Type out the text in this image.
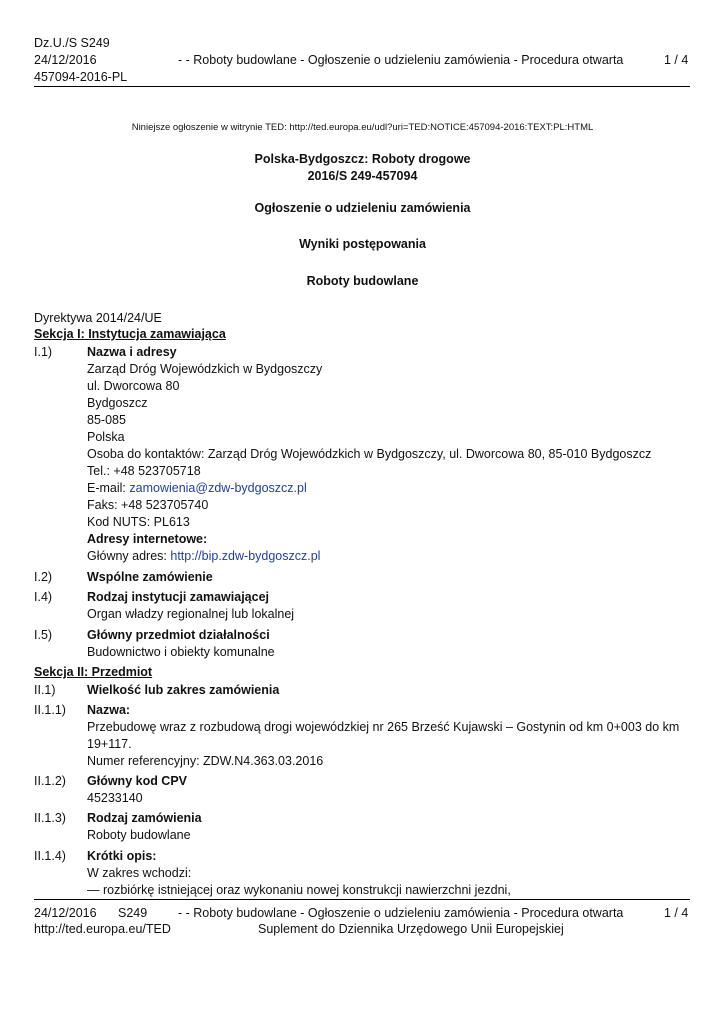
Dz.U./S S249
24/12/2016
457094-2016-PL
- - Roboty budowlane - Ogłoszenie o udzieleniu zamówienia - Procedura otwarta	1 / 4
Niniejsze ogłoszenie w witrynie TED: http://ted.europa.eu/udl?uri=TED:NOTICE:457094-2016:TEXT:PL:HTML
Polska-Bydgoszcz: Roboty drogowe
2016/S 249-457094
Ogłoszenie o udzieleniu zamówienia
Wyniki postępowania
Roboty budowlane
Dyrektywa 2014/24/UE
Sekcja I: Instytucja zamawiająca
I.1)	Nazwa i adresy
Zarząd Dróg Wojewódzkich w Bydgoszczy
ul. Dworcowa 80
Bydgoszcz
85-085
Polska
Osoba do kontaktów: Zarząd Dróg Wojewódzkich w Bydgoszczy, ul. Dworcowa 80, 85-010 Bydgoszcz
Tel.: +48 523705718
E-mail: zamowienia@zdw-bydgoszcz.pl
Faks: +48 523705740
Kod NUTS: PL613
Adresy internetowe:
Główny adres: http://bip.zdw-bydgoszcz.pl
I.2)	Wspólne zamówienie
I.4)	Rodzaj instytucji zamawiającej
Organ władzy regionalnej lub lokalnej
I.5)	Główny przedmiot działalności
Budownictwo i obiekty komunalne
Sekcja II: Przedmiot
II.1)	Wielkość lub zakres zamówienia
II.1.1) Nazwa:
Przebudowę wraz z rozbudową drogi wojewódzkiej nr 265 Brześć Kujawski – Gostynin od km 0+003 do km
19+117.
Numer referencyjny: ZDW.N4.363.03.2016
II.1.2) Główny kod CPV
45233140
II.1.3) Rodzaj zamówienia
Roboty budowlane
II.1.4) Krótki opis:
W zakres wchodzi:
— rozbiórkę istniejącej oraz wykonaniu nowej konstrukcji nawierzchni jezdni,
24/12/2016 S249 - - Roboty budowlane - Ogłoszenie o udzieleniu zamówienia - Procedura otwarta	1 / 4
http://ted.europa.eu/TED	Suplement do Dziennika Urzędowego Unii Europejskiej
